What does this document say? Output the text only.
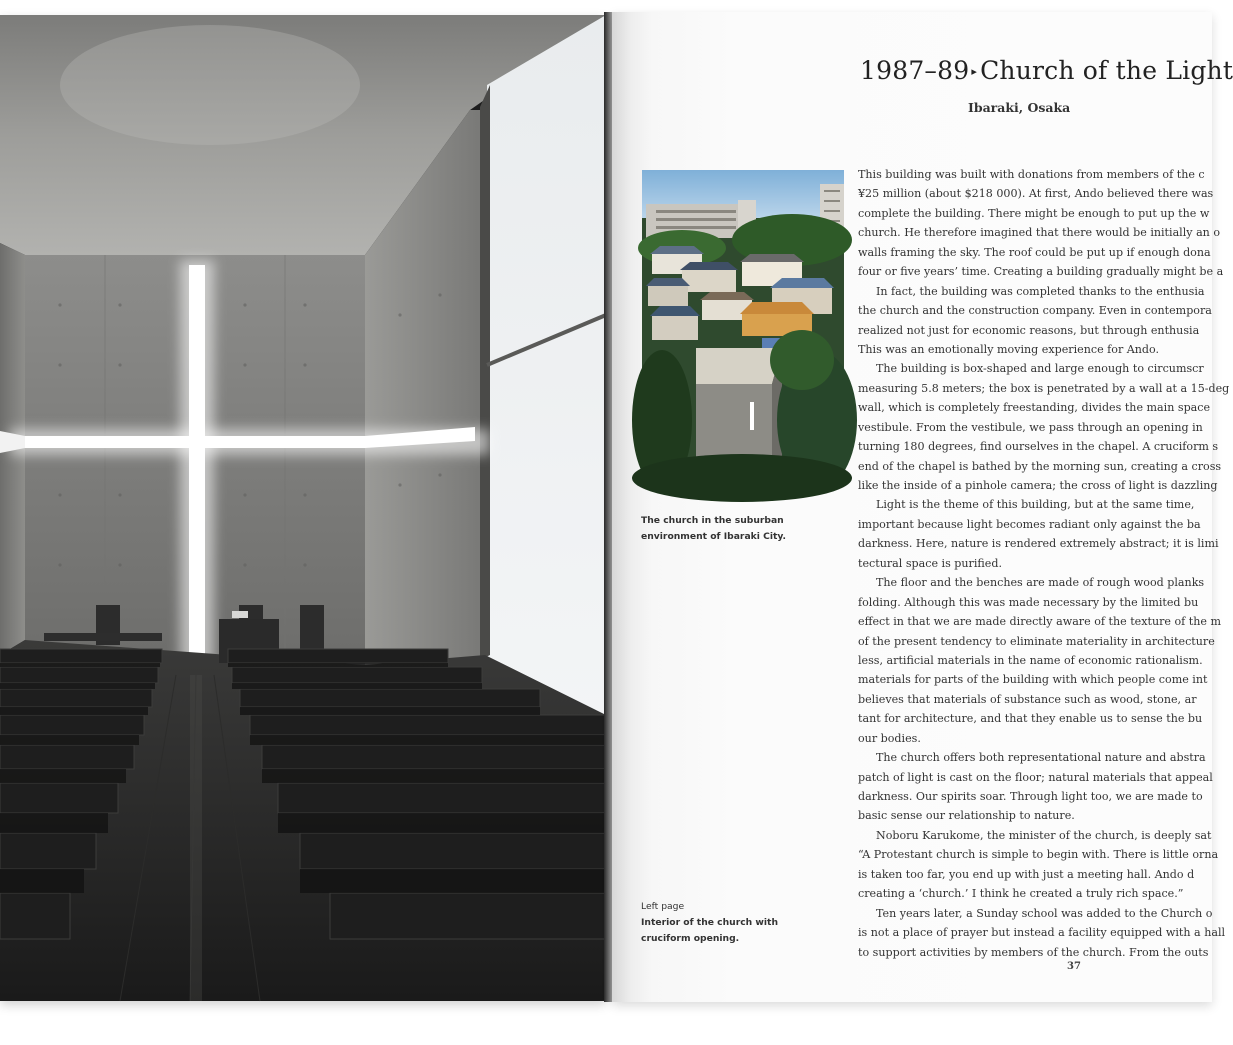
1987–89 ▸ Church of the Light
Ibaraki, Osaka
The church in the suburban
environment of Ibaraki City.
Left page
Interior of the church with
cruciform opening.
This building was built with donations from members of the c
¥25 million (about $218 000). At first, Ando believed there was
complete the building. There might be enough to put up the w
church. He therefore imagined that there would be initially an o
walls framing the sky. The roof could be put up if enough dona
four or five years’ time. Creating a building gradually might be a
In fact, the building was completed thanks to the enthusia
the church and the construction company. Even in contempora
realized not just for economic reasons, but through enthusia
This was an emotionally moving experience for Ando.
The building is box-shaped and large enough to circumscr
measuring 5.8 meters; the box is penetrated by a wall at a 15-deg
wall, which is completely freestanding, divides the main space
vestibule. From the vestibule, we pass through an opening in
turning 180 degrees, find ourselves in the chapel. A cruciform s
end of the chapel is bathed by the morning sun, creating a cross
like the inside of a pinhole camera; the cross of light is dazzling
Light is the theme of this building, but at the same time,
important because light becomes radiant only against the ba
darkness. Here, nature is rendered extremely abstract; it is limi
tectural space is purified.
The floor and the benches are made of rough wood planks
folding. Although this was made necessary by the limited bu
effect in that we are made directly aware of the texture of the m
of the present tendency to eliminate materiality in architecture
less, artificial materials in the name of economic rationalism.
materials for parts of the building with which people come int
believes that materials of substance such as wood, stone, ar
tant for architecture, and that they enable us to sense the bu
our bodies.
The church offers both representational nature and abstra
patch of light is cast on the floor; natural materials that appeal
darkness. Our spirits soar. Through light too, we are made to
basic sense our relationship to nature.
Noboru Karukome, the minister of the church, is deeply sat
“A Protestant church is simple to begin with. There is little orna
is taken too far, you end up with just a meeting hall. Ando d
creating a ‘church.’ I think he created a truly rich space.”
Ten years later, a Sunday school was added to the Church o
is not a place of prayer but instead a facility equipped with a hall
to support activities by members of the church. From the outs
37
